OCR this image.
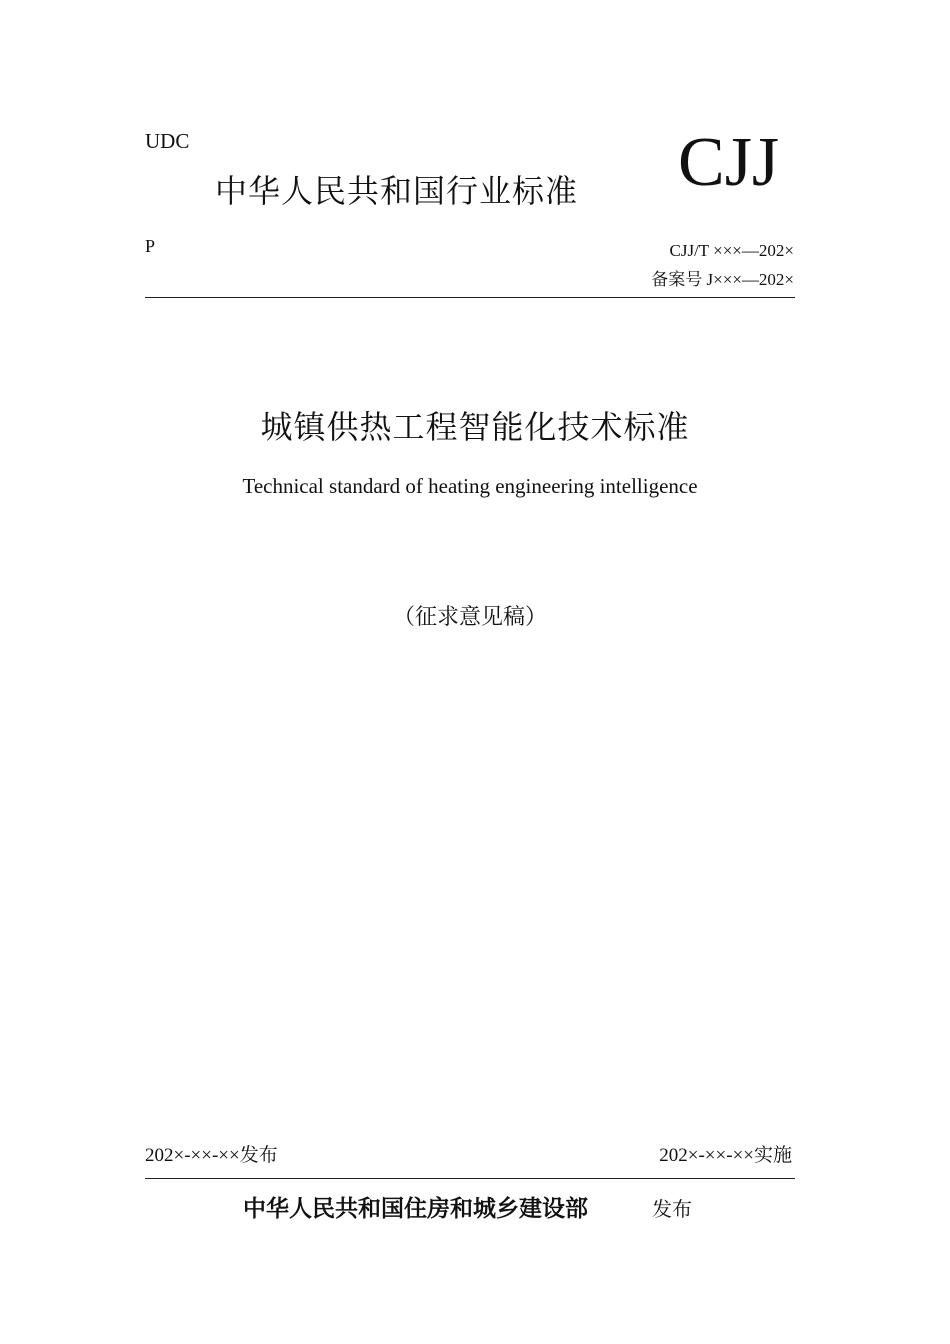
UDC
中华人民共和国行业标准 CJJ
P	CJJ/T ×××—202×
备案号 J×××—202×
城镇供热工程智能化技术标准
Technical standard of heating engineering intelligence
（征求意见稿）
202×-××-××发布	202×-××-××实施
中华人民共和国住房和城乡建设部	发布
